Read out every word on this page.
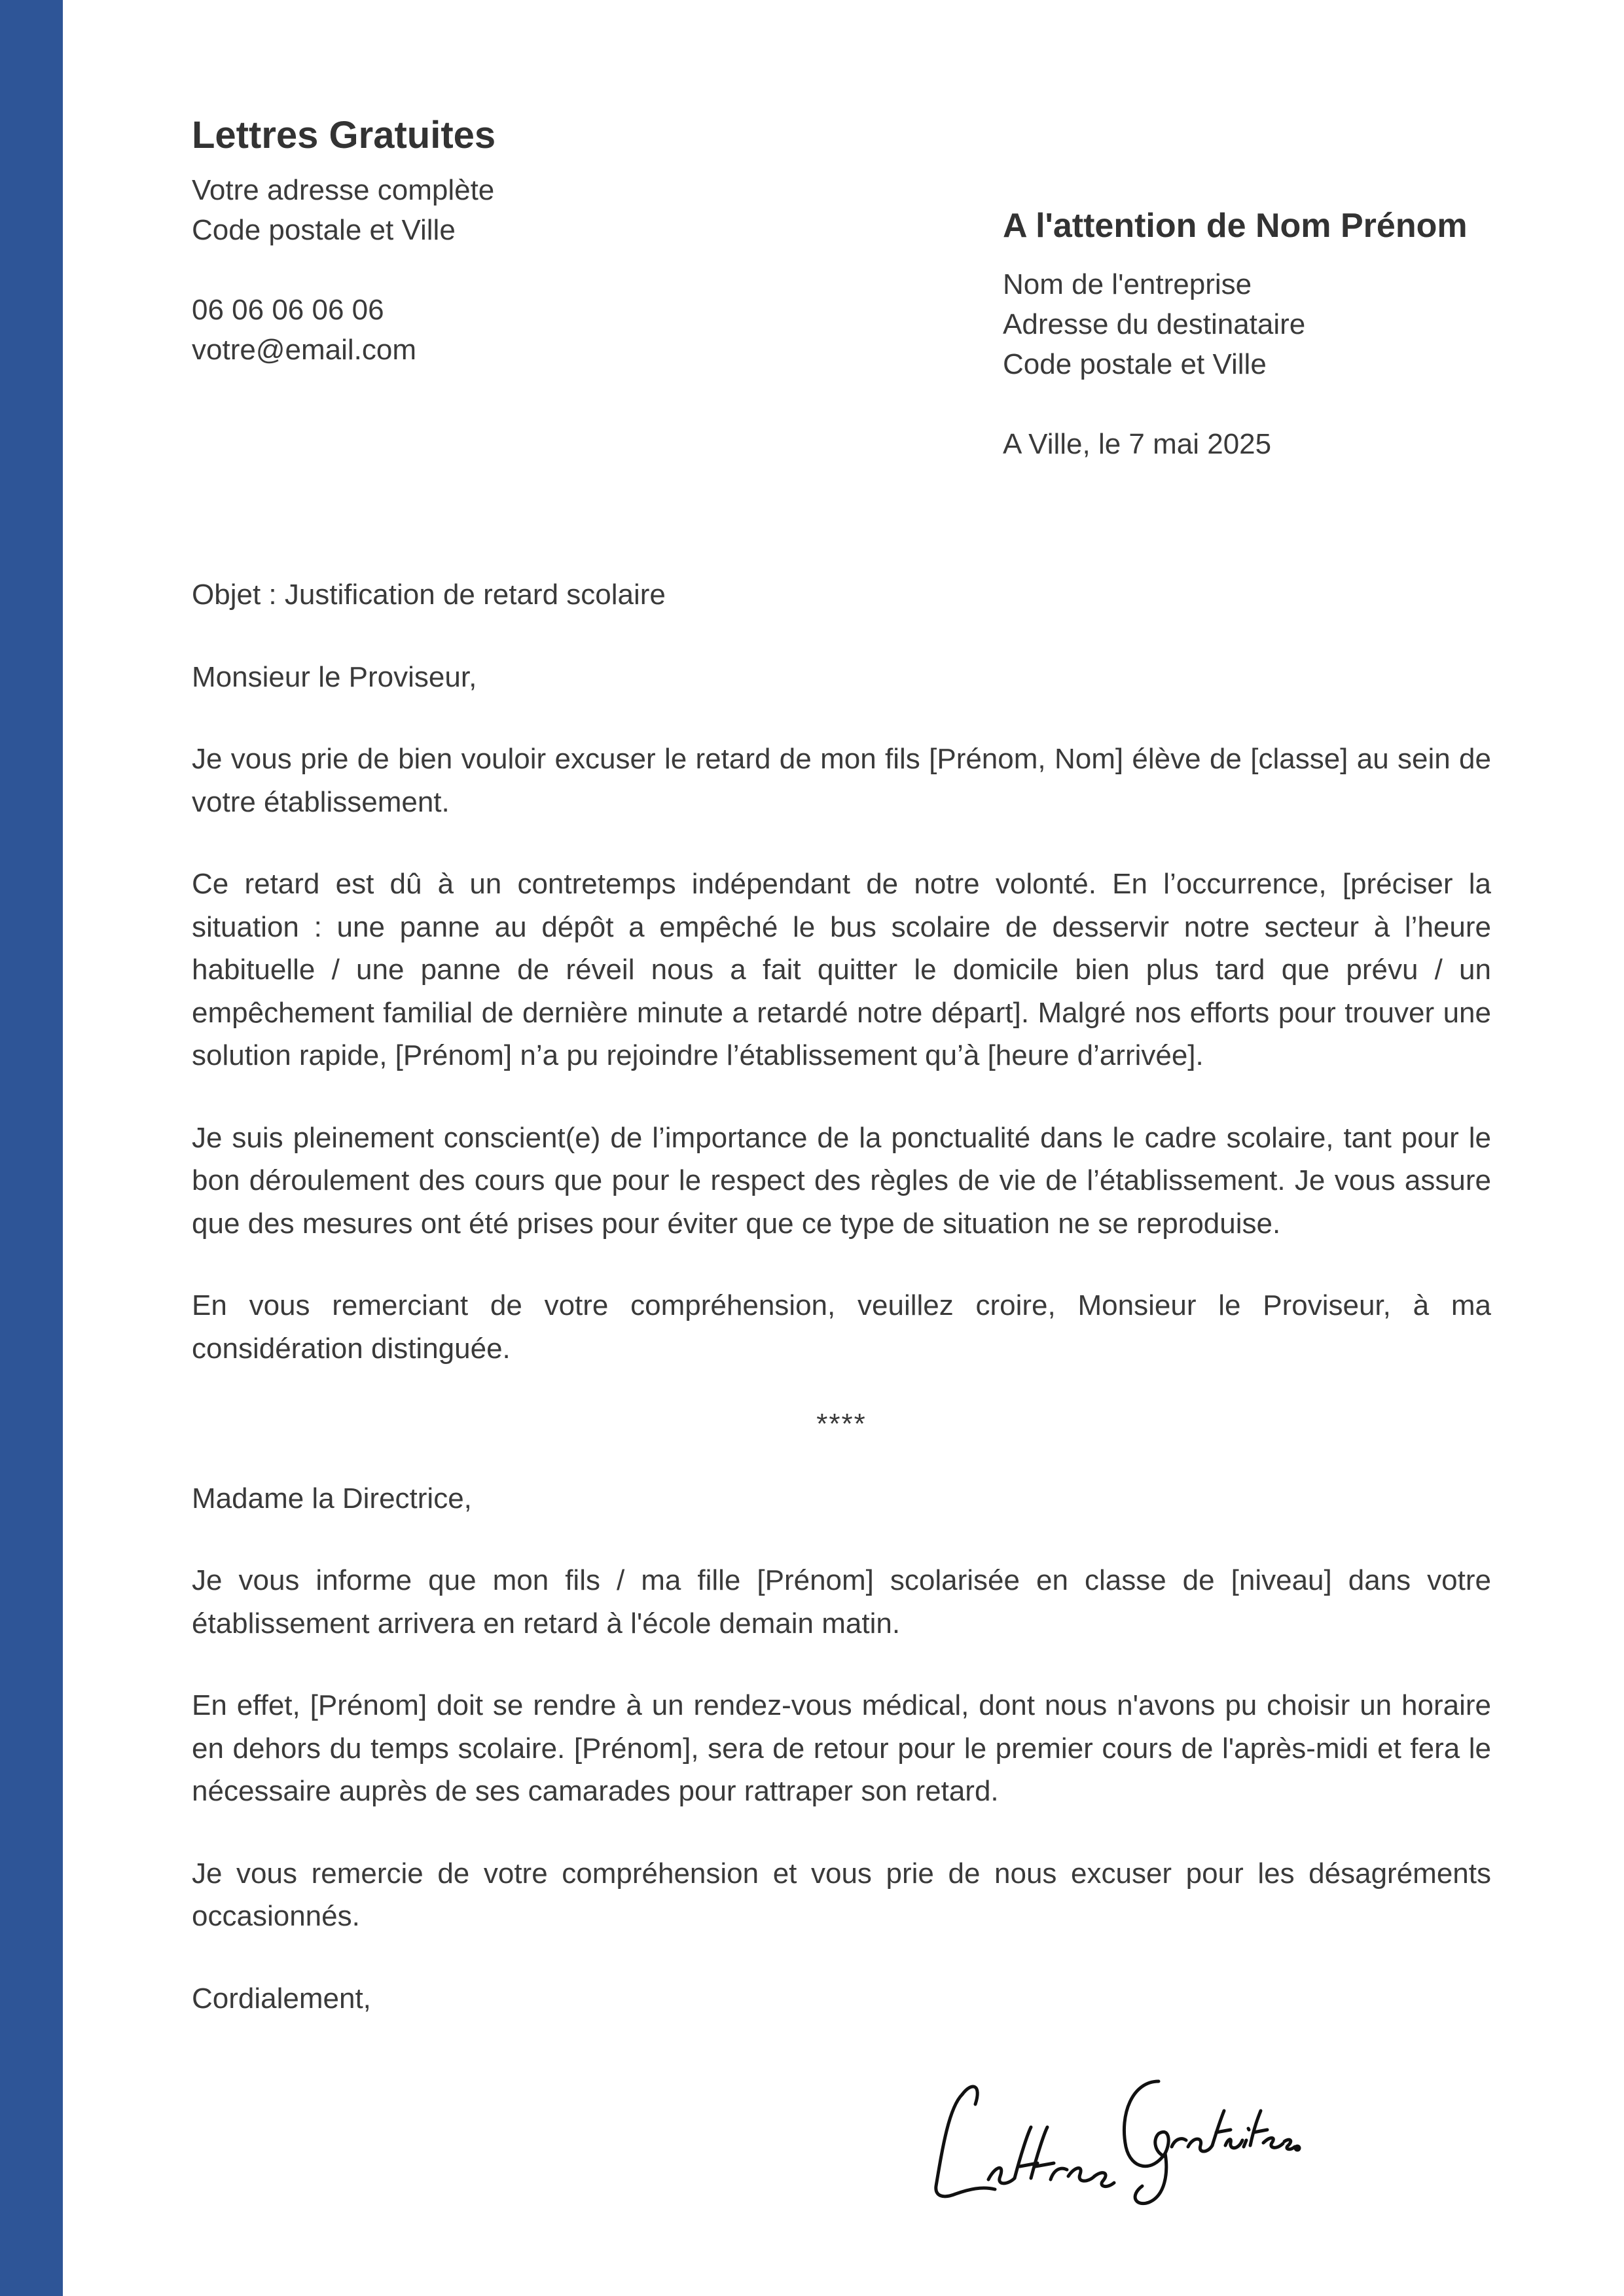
Lettres Gratuites
Votre adresse complète
Code postale et Ville
06 06 06 06 06
votre@email.com
A l'attention de Nom Prénom
Nom de l'entreprise
Adresse du destinataire
Code postale et Ville
A Ville, le 7 mai 2025

Objet : Justification de retard scolaire

Monsieur le Proviseur,

Je vous prie de bien vouloir excuser le retard de mon fils [Prénom, Nom] élève de [classe] au sein de votre établissement.

Ce retard est dû à un contretemps indépendant de notre volonté. En l’occurrence, [préciser la situation : une panne au dépôt a empêché le bus scolaire de desservir notre secteur à l’heure habituelle / une panne de réveil nous a fait quitter le domicile bien plus tard que prévu / un empêchement familial de dernière minute a retardé notre départ]. Malgré nos efforts pour trouver une solution rapide, [Prénom] n’a pu rejoindre l’établissement qu’à [heure d’arrivée].

Je suis pleinement conscient(e) de l’importance de la ponctualité dans le cadre scolaire, tant pour le bon déroulement des cours que pour le respect des règles de vie de l’établissement. Je vous assure que des mesures ont été prises pour éviter que ce type de situation ne se reproduise.

En vous remerciant de votre compréhension, veuillez croire, Monsieur le Proviseur, à ma considération distinguée.

****

Madame la Directrice,

Je vous informe que mon fils / ma fille [Prénom] scolarisée en classe de [niveau] dans votre établissement arrivera en retard à l'école demain matin.

En effet, [Prénom] doit se rendre à un rendez-vous médical, dont nous n'avons pu choisir un horaire en dehors du temps scolaire. [Prénom], sera de retour pour le premier cours de l'après-midi et fera le nécessaire auprès de ses camarades pour rattraper son retard.

Je vous remercie de votre compréhension et vous prie de nous excuser pour les désagréments occasionnés.

Cordialement,
